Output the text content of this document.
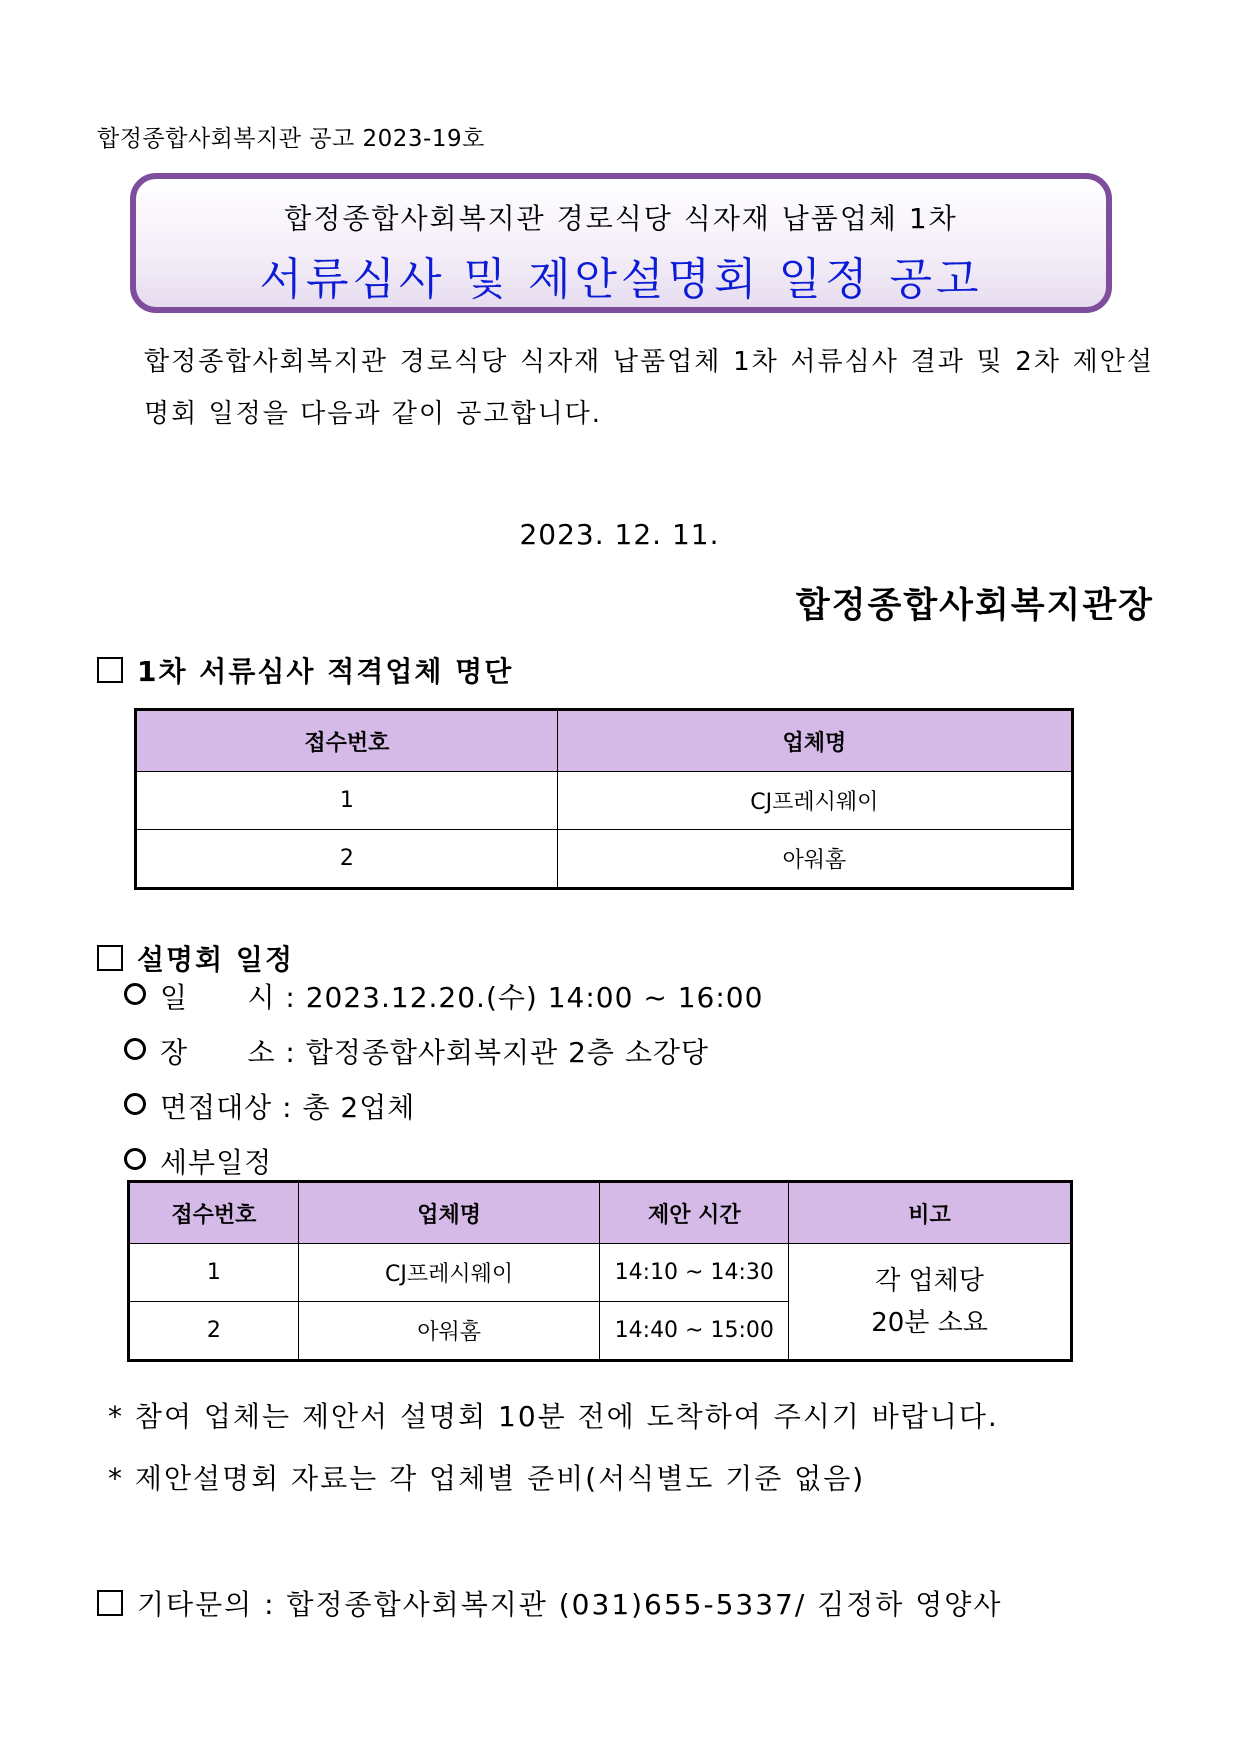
합정종합사회복지관 공고 2023-19호
합정종합사회복지관 경로식당 식자재 납품업체 1차
서류심사 및 제안설명회 일정 공고
합정종합사회복지관 경로식당 식자재 납품업체 1차 서류심사 결과 및 2차 제안설명회 일정을 다음과 같이 공고합니다.
2023. 12. 11.
합정종합사회복지관장
1차 서류심사 적격업체 명단
접수번호	업체명
1	CJ프레시웨이
2	아워홈
설명회 일정
일      시 : 2023.12.20.(수) 14:00 ~ 16:00
장      소 : 합정종합사회복지관 2층 소강당
면접대상 : 총 2업체
세부일정
접수번호	업체명	제안 시간	비고
1	CJ프레시웨이	14:10 ~ 14:30	각 업체당
20분 소요

2	아워홈	14:40 ~ 15:00	
* 참여 업체는 제안서 설명회 10분 전에 도착하여 주시기 바랍니다.
* 제안설명회 자료는 각 업체별 준비(서식별도 기준 없음)
기타문의 : 합정종합사회복지관 (031)655-5337/ 김정하 영양사
